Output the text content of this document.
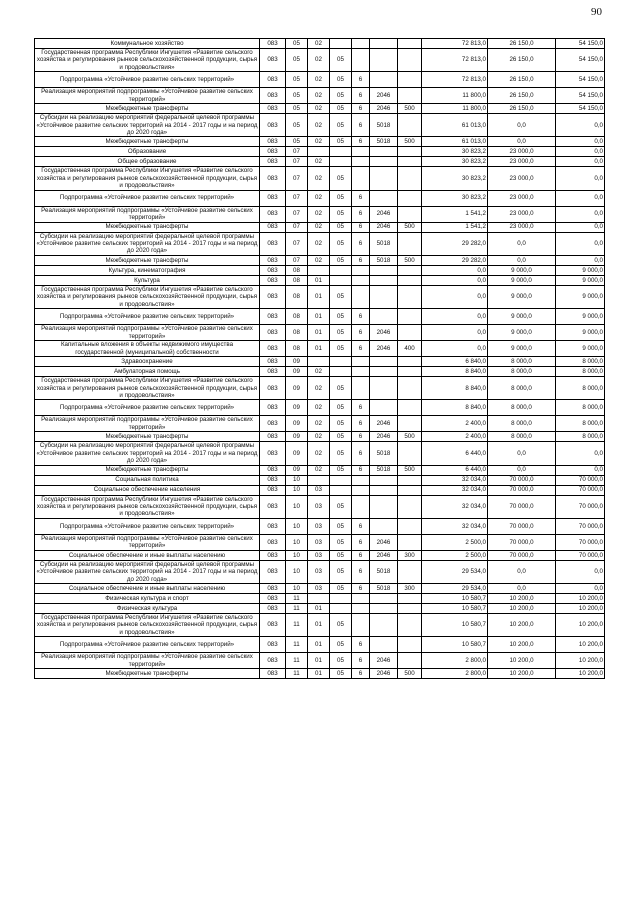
90
Коммунальное хозяйство	083	05	02					72 813,0	26 150,0	54 150,0
Государственная программа Республики Ингушетия «Развитие сельского хозяйства и регулирования рынков сельскохозяйственной продукции, сырья и продовольствия»	083	05	02	05				72 813,0	26 150,0	54 150,0
Подпрограмма «Устойчивое развитие сельских территорий»	083	05	02	05	6			72 813,0	26 150,0	54 150,0
Реализация мероприятий подпрограммы «Устойчивое развитие сельских территорий»	083	05	02	05	6	2046		11 800,0	26 150,0	54 150,0
Межбюджетные трансферты	083	05	02	05	6	2046	500	11 800,0	26 150,0	54 150,0
Субсидии на реализацию мероприятий федеральной целевой программы «Устойчивое развитие сельских территорий на 2014 - 2017 годы и на период до 2020 года»	083	05	02	05	6	5018		61 013,0	0,0	0,0
Межбюджетные трансферты	083	05	02	05	6	5018	500	61 013,0	0,0	0,0
Образование	083	07						30 823,2	23 000,0	0,0
Общее образование	083	07	02					30 823,2	23 000,0	0,0
Государственная программа Республики Ингушетия «Развитие сельского хозяйства и регулирования рынков сельскохозяйственной продукции, сырья и продовольствия»	083	07	02	05				30 823,2	23 000,0	0,0
Подпрограмма «Устойчивое развитие сельских территорий»	083	07	02	05	6			30 823,2	23 000,0	0,0
Реализация мероприятий подпрограммы «Устойчивое развитие сельских территорий»	083	07	02	05	6	2046		1 541,2	23 000,0	0,0
Межбюджетные трансферты	083	07	02	05	6	2046	500	1 541,2	23 000,0	0,0
Субсидии на реализацию мероприятий федеральной целевой программы «Устойчивое развитие сельских территорий на 2014 - 2017 годы и на период до 2020 года»	083	07	02	05	6	5018		29 282,0	0,0	0,0
Межбюджетные трансферты	083	07	02	05	6	5018	500	29 282,0	0,0	0,0
Культура, кинематография	083	08						0,0	9 000,0	9 000,0
Культура	083	08	01					0,0	9 000,0	9 000,0
Государственная программа Республики Ингушетия «Развитие сельского хозяйства и регулирования рынков сельскохозяйственной продукции, сырья и продовольствия»	083	08	01	05				0,0	9 000,0	9 000,0
Подпрограмма «Устойчивое развитие сельских территорий»	083	08	01	05	6			0,0	9 000,0	9 000,0
Реализация мероприятий подпрограммы «Устойчивое развитие сельских территорий»	083	08	01	05	6	2046		0,0	9 000,0	9 000,0
Капитальные вложения в объекты недвижимого имущества государственной (муниципальной) собственности	083	08	01	05	6	2046	400	0,0	9 000,0	9 000,0
Здравоохранение	083	09						6 840,0	8 000,0	8 000,0
Амбулаторная помощь	083	09	02					8 840,0	8 000,0	8 000,0
Государственная программа Республики Ингушетия «Развитие сельского хозяйства и регулирования рынков сельскохозяйственной продукции, сырья и продовольствия»	083	09	02	05				8 840,0	8 000,0	8 000,0
Подпрограмма «Устойчивое развитие сельских территорий»	083	09	02	05	6			8 840,0	8 000,0	8 000,0
Реализация мероприятий подпрограммы «Устойчивое развитие сельских территорий»	083	09	02	05	6	2046		2 400,0	8 000,0	8 000,0
Межбюджетные трансферты	083	09	02	05	6	2046	500	2 400,0	8 000,0	8 000,0
Субсидии на реализацию мероприятий федеральной целевой программы «Устойчивое развитие сельских территорий на 2014 - 2017 годы и на период до 2020 года»	083	09	02	05	6	5018		6 440,0	0,0	0,0
Межбюджетные трансферты	083	09	02	05	6	5018	500	6 440,0	0,0	0,0
Социальная политика	083	10						32 034,0	70 000,0	70 000,0
Социальное обеспечение населения	083	10	03					32 034,0	70 000,0	70 000,0
Государственная программа Республики Ингушетия «Развитие сельского хозяйства и регулирования рынков сельскохозяйственной продукции, сырья и продовольствия»	083	10	03	05				32 034,0	70 000,0	70 000,0
Подпрограмма «Устойчивое развитие сельских территорий»	083	10	03	05	6			32 034,0	70 000,0	70 000,0
Реализация мероприятий подпрограммы «Устойчивое развитие сельских территорий»	083	10	03	05	6	2046		2 500,0	70 000,0	70 000,0
Социальное обеспечение и иные выплаты населению	083	10	03	05	6	2046	300	2 500,0	70 000,0	70 000,0
Субсидии на реализацию мероприятий федеральной целевой программы «Устойчивое развитие сельских территорий на 2014 - 2017 годы и на период до 2020 года»	083	10	03	05	6	5018		29 534,0	0,0	0,0
Социальное обеспечение и иные выплаты населению	083	10	03	05	6	5018	300	29 534,0	0,0	0,0
Физическая культура и спорт	083	11						10 580,7	10 200,0	10 200,0
Физическая культура	083	11	01					10 580,7	10 200,0	10 200,0
Государственная программа Республики Ингушетия «Развитие сельского хозяйства и регулирования рынков сельскохозяйственной продукции, сырья и продовольствия»	083	11	01	05				10 580,7	10 200,0	10 200,0
Подпрограмма «Устойчивое развитие сельских территорий»	083	11	01	05	6			10 580,7	10 200,0	10 200,0
Реализация мероприятий подпрограммы «Устойчивое развитие сельских территорий»	083	11	01	05	6	2046		2 800,0	10 200,0	10 200,0
Межбюджетные трансферты	083	11	01	05	6	2046	500	2 800,0	10 200,0	10 200,0
